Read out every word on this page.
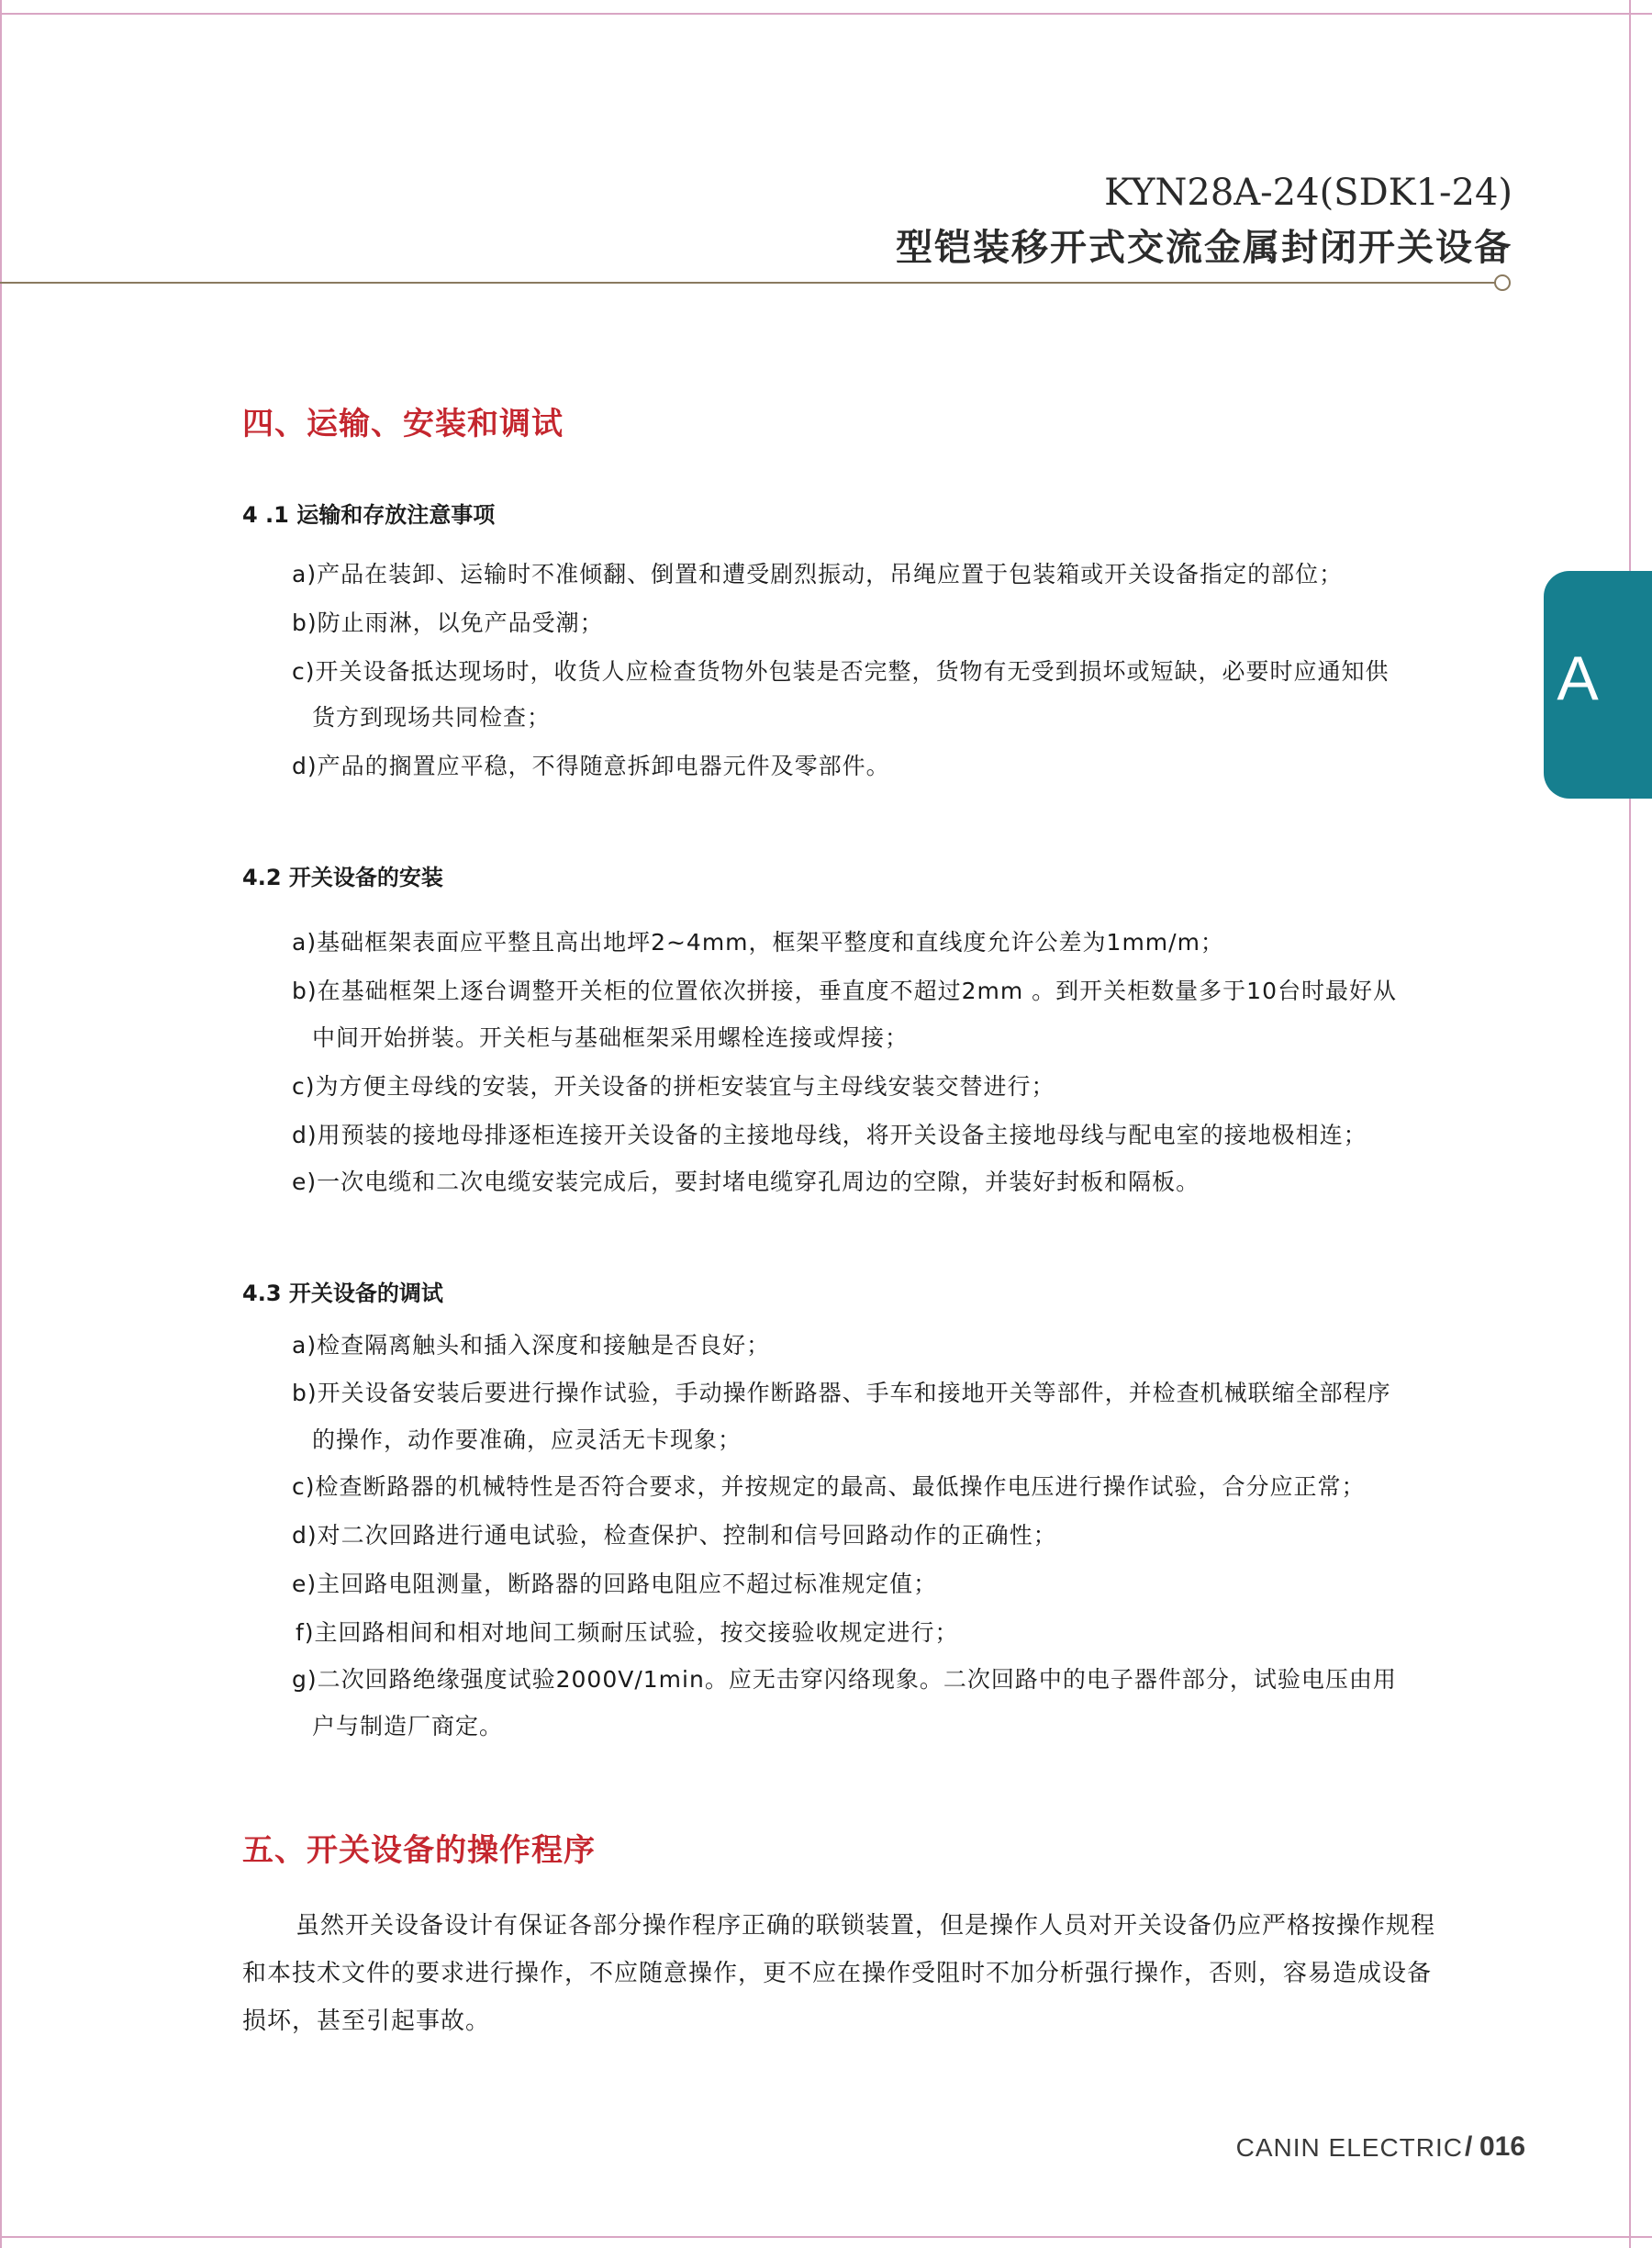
KYN28A-24(SDK1-24)
型铠装移开式交流金属封闭开关设备
A
四、运输、安装和调试
4 .1 运输和存放注意事项
a)产品在装卸、运输时不准倾翻、倒置和遭受剧烈振动，吊绳应置于包装箱或开关设备指定的部位；
b)防止雨淋，以免产品受潮；
c)开关设备抵达现场时，收货人应检查货物外包装是否完整，货物有无受到损坏或短缺，必要时应通知供
货方到现场共同检查；
d)产品的搁置应平稳，不得随意拆卸电器元件及零部件。
4.2 开关设备的安装
a)基础框架表面应平整且高出地坪2~4mm，框架平整度和直线度允许公差为1mm/m；
b)在基础框架上逐台调整开关柜的位置依次拼接，垂直度不超过2mm 。到开关柜数量多于10台时最好从
中间开始拼装。开关柜与基础框架采用螺栓连接或焊接；
c)为方便主母线的安装，开关设备的拼柜安装宜与主母线安装交替进行；
d)用预装的接地母排逐柜连接开关设备的主接地母线，将开关设备主接地母线与配电室的接地极相连；
e)一次电缆和二次电缆安装完成后，要封堵电缆穿孔周边的空隙，并装好封板和隔板。
4.3 开关设备的调试
a)检查隔离触头和插入深度和接触是否良好；
b)开关设备安装后要进行操作试验，手动操作断路器、手车和接地开关等部件，并检查机械联缩全部程序
的操作，动作要准确，应灵活无卡现象；
c)检查断路器的机械特性是否符合要求，并按规定的最高、最低操作电压进行操作试验，合分应正常；
d)对二次回路进行通电试验，检查保护、控制和信号回路动作的正确性；
e)主回路电阻测量，断路器的回路电阻应不超过标准规定值；
f)主回路相间和相对地间工频耐压试验，按交接验收规定进行；
g)二次回路绝缘强度试验2000V/1min。应无击穿闪络现象。二次回路中的电子器件部分，试验电压由用
户与制造厂商定。
五、开关设备的操作程序
虽然开关设备设计有保证各部分操作程序正确的联锁装置，但是操作人员对开关设备仍应严格按操作规程
和本技术文件的要求进行操作，不应随意操作，更不应在操作受阻时不加分析强行操作，否则，容易造成设备
损坏，甚至引起事故。
CANIN ELECTRIC / 016
